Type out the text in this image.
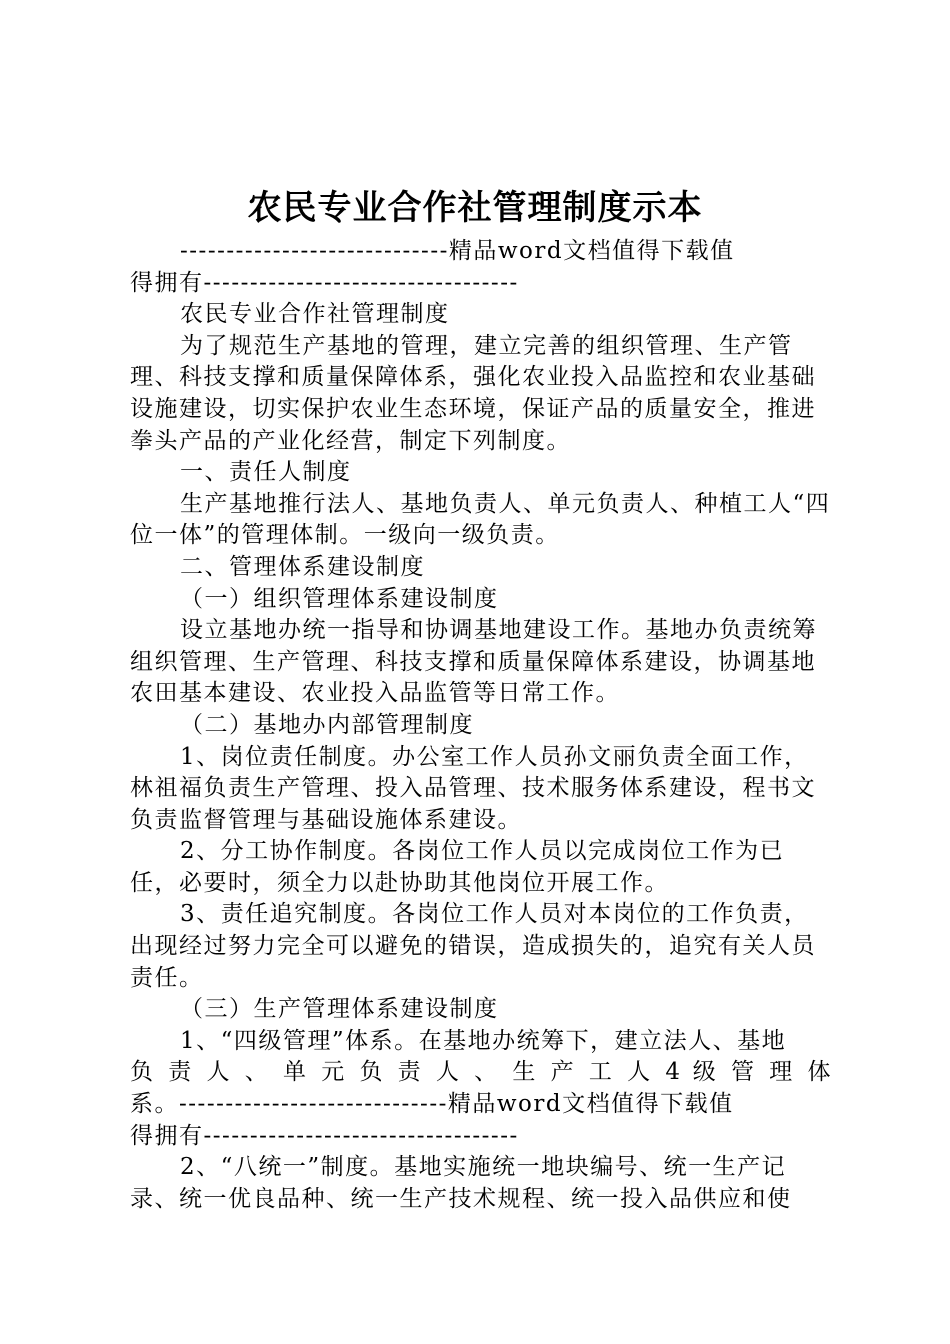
农民专业合作社管理制度示本

-----------------------------精品word文档值得下载值

得拥有----------------------------------

农民专业合作社管理制度

为了规范生产基地的管理，建立完善的组织管理、生产管理、科技支撑和质量保障体系，强化农业投入品监控和农业基础设施建设，切实保护农业生态环境，保证产品的质量安全，推进拳头产品的产业化经营，制定下列制度。

一、责任人制度

生产基地推行法人、基地负责人、单元负责人、种植工人“四位一体”的管理体制。一级向一级负责。

二、管理体系建设制度

（一）组织管理体系建设制度

设立基地办统一指导和协调基地建设工作。基地办负责统筹组织管理、生产管理、科技支撑和质量保障体系建设，协调基地农田基本建设、农业投入品监管等日常工作。

（二）基地办内部管理制度

1、岗位责任制度。办公室工作人员孙文丽负责全面工作，林祖福负责生产管理、投入品管理、技术服务体系建设，程书文负责监督管理与基础设施体系建设。

2、分工协作制度。各岗位工作人员以完成岗位工作为已任，必要时，须全力以赴协助其他岗位开展工作。

3、责任追究制度。各岗位工作人员对本岗位的工作负责，出现经过努力完全可以避免的错误，造成损失的，追究有关人员责任。

（三）生产管理体系建设制度

1、“四级管理”体系。在基地办统筹下，建立法人、基地

负 责 人 、 单 元 负 责 人 、 生 产 工 人 4 级 管 理 体

系。-----------------------------精品word文档值得下载值

得拥有----------------------------------

2、“八统一”制度。基地实施统一地块编号、统一生产记录、统一优良品种、统一生产技术规程、统一投入品供应和使
